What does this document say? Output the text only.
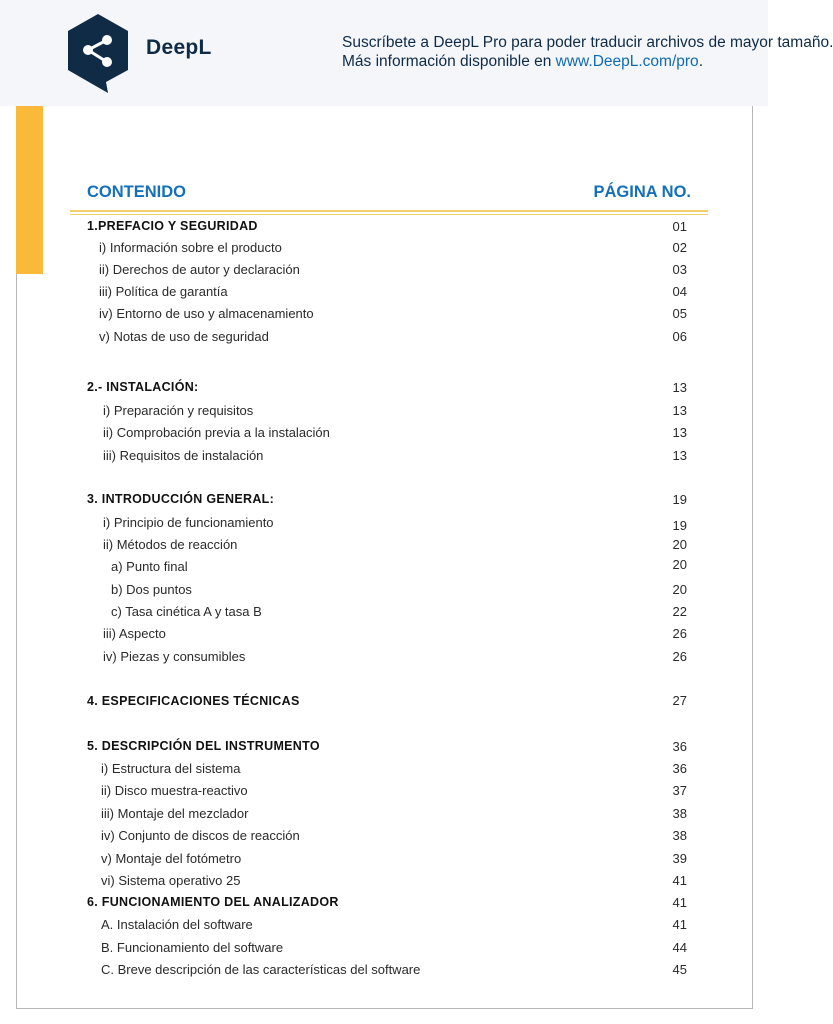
DeepL	Suscríbete a DeepL Pro para poder traducir archivos de mayor tamaño.
Más información disponible en www.DeepL.com/pro.
CONTENIDO	PÁGINA NO.
1.PREFACIO Y SEGURIDAD	01
i) Información sobre el producto	02
ii) Derechos de autor y declaración	03
iii) Política de garantía	04
iv) Entorno de uso y almacenamiento	05
v) Notas de uso de seguridad	06
2.- INSTALACIÓN:	13
i) Preparación y requisitos	13
ii) Comprobación previa a la instalación	13
iii) Requisitos de instalación	13
3. INTRODUCCIÓN GENERAL:	19
i) Principio de funcionamiento	19
ii) Métodos de reacción	20
a) Punto final	20
b) Dos puntos	20
c) Tasa cinética A y tasa B	22
iii) Aspecto	26
iv) Piezas y consumibles	26
4. ESPECIFICACIONES TÉCNICAS	27
5. DESCRIPCIÓN DEL INSTRUMENTO	36
i) Estructura del sistema	36
ii) Disco muestra-reactivo	37
iii) Montaje del mezclador	38
iv) Conjunto de discos de reacción	38
v) Montaje del fotómetro	39
vi) Sistema operativo 25	41
6. FUNCIONAMIENTO DEL ANALIZADOR	41
A. Instalación del software	41
B. Funcionamiento del software	44
C. Breve descripción de las características del software	45
